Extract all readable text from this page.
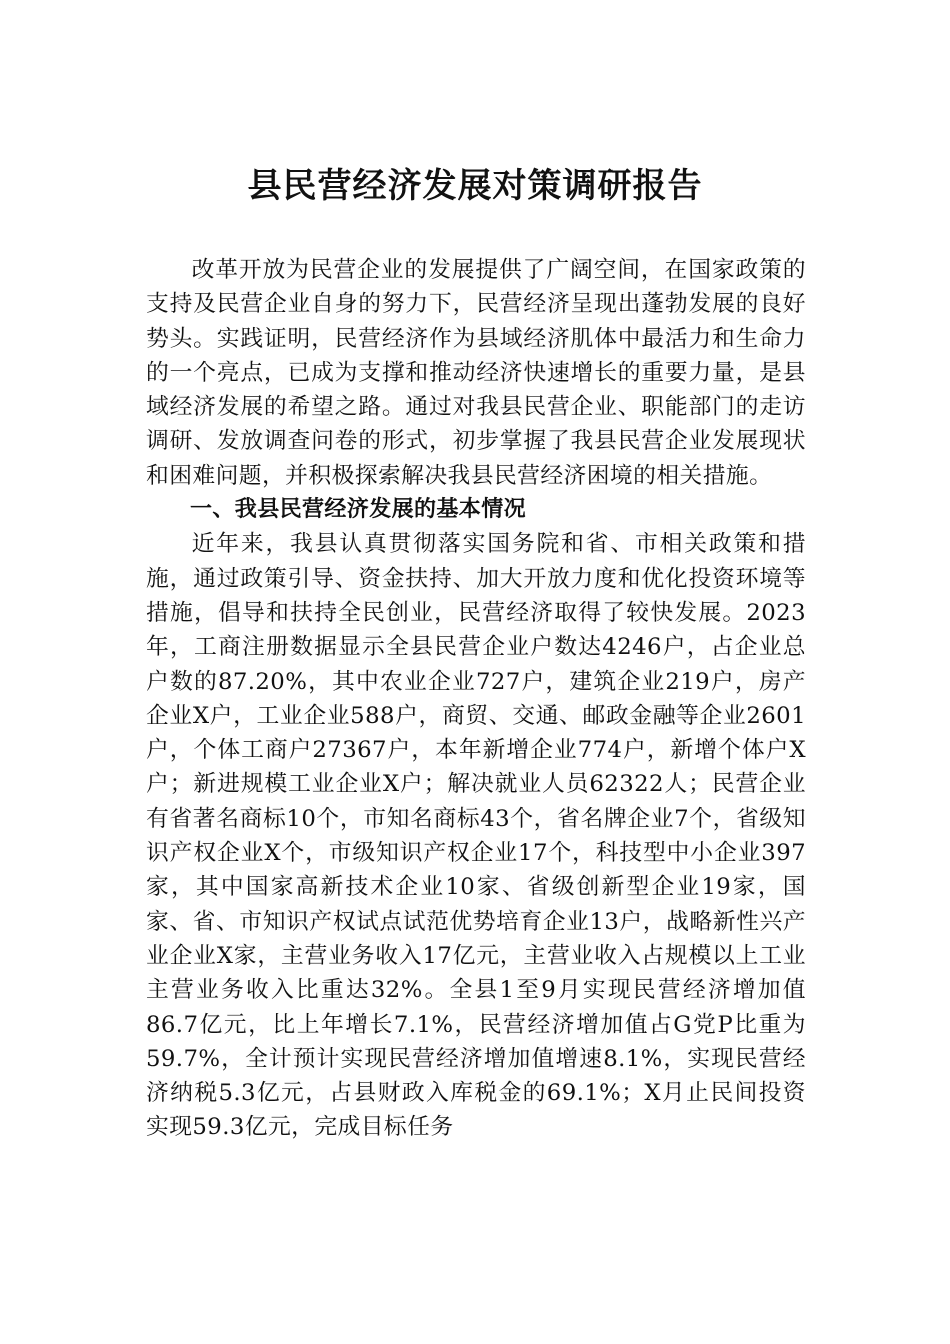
县民营经济发展对策调研报告

改革开放为民营企业的发展提供了广阔空间，在国家政策的支持及民营企业自身的努力下，民营经济呈现出蓬勃发展的良好势头。实践证明，民营经济作为县域经济肌体中最活力和生命力的一个亮点，已成为支撑和推动经济快速增长的重要力量，是县域经济发展的希望之路。通过对我县民营企业、职能部门的走访调研、发放调查问卷的形式，初步掌握了我县民营企业发展现状和困难问题，并积极探索解决我县民营经济困境的相关措施。

一、我县民营经济发展的基本情况

近年来，我县认真贯彻落实国务院和省、市相关政策和措施，通过政策引导、资金扶持、加大开放力度和优化投资环境等措施，倡导和扶持全民创业，民营经济取得了较快发展。2023年，工商注册数据显示全县民营企业户数达4246户，占企业总户数的87.20%，其中农业企业727户，建筑企业219户，房产企业X户，工业企业588户，商贸、交通、邮政金融等企业2601户，个体工商户27367户，本年新增企业774户，新增个体户X户；新进规模工业企业X户；解决就业人员62322人；民营企业有省著名商标10个，市知名商标43个，省名牌企业7个，省级知识产权企业X个，市级知识产权企业17个，科技型中小企业397家，其中国家高新技术企业10家、省级创新型企业19家，国家、省、市知识产权试点试范优势培育企业13户，战略新性兴产业企业X家，主营业务收入17亿元，主营业收入占规模以上工业主营业务收入比重达32%。全县1至9月实现民营经济增加值86.7亿元，比上年增长7.1%，民营经济增加值占G党P比重为59.7%，全计预计实现民营经济增加值增速8.1%，实现民营经济纳税5.3亿元，占县财政入库税金的69.1%；X月止民间投资实现59.3亿元，完成目标任务
